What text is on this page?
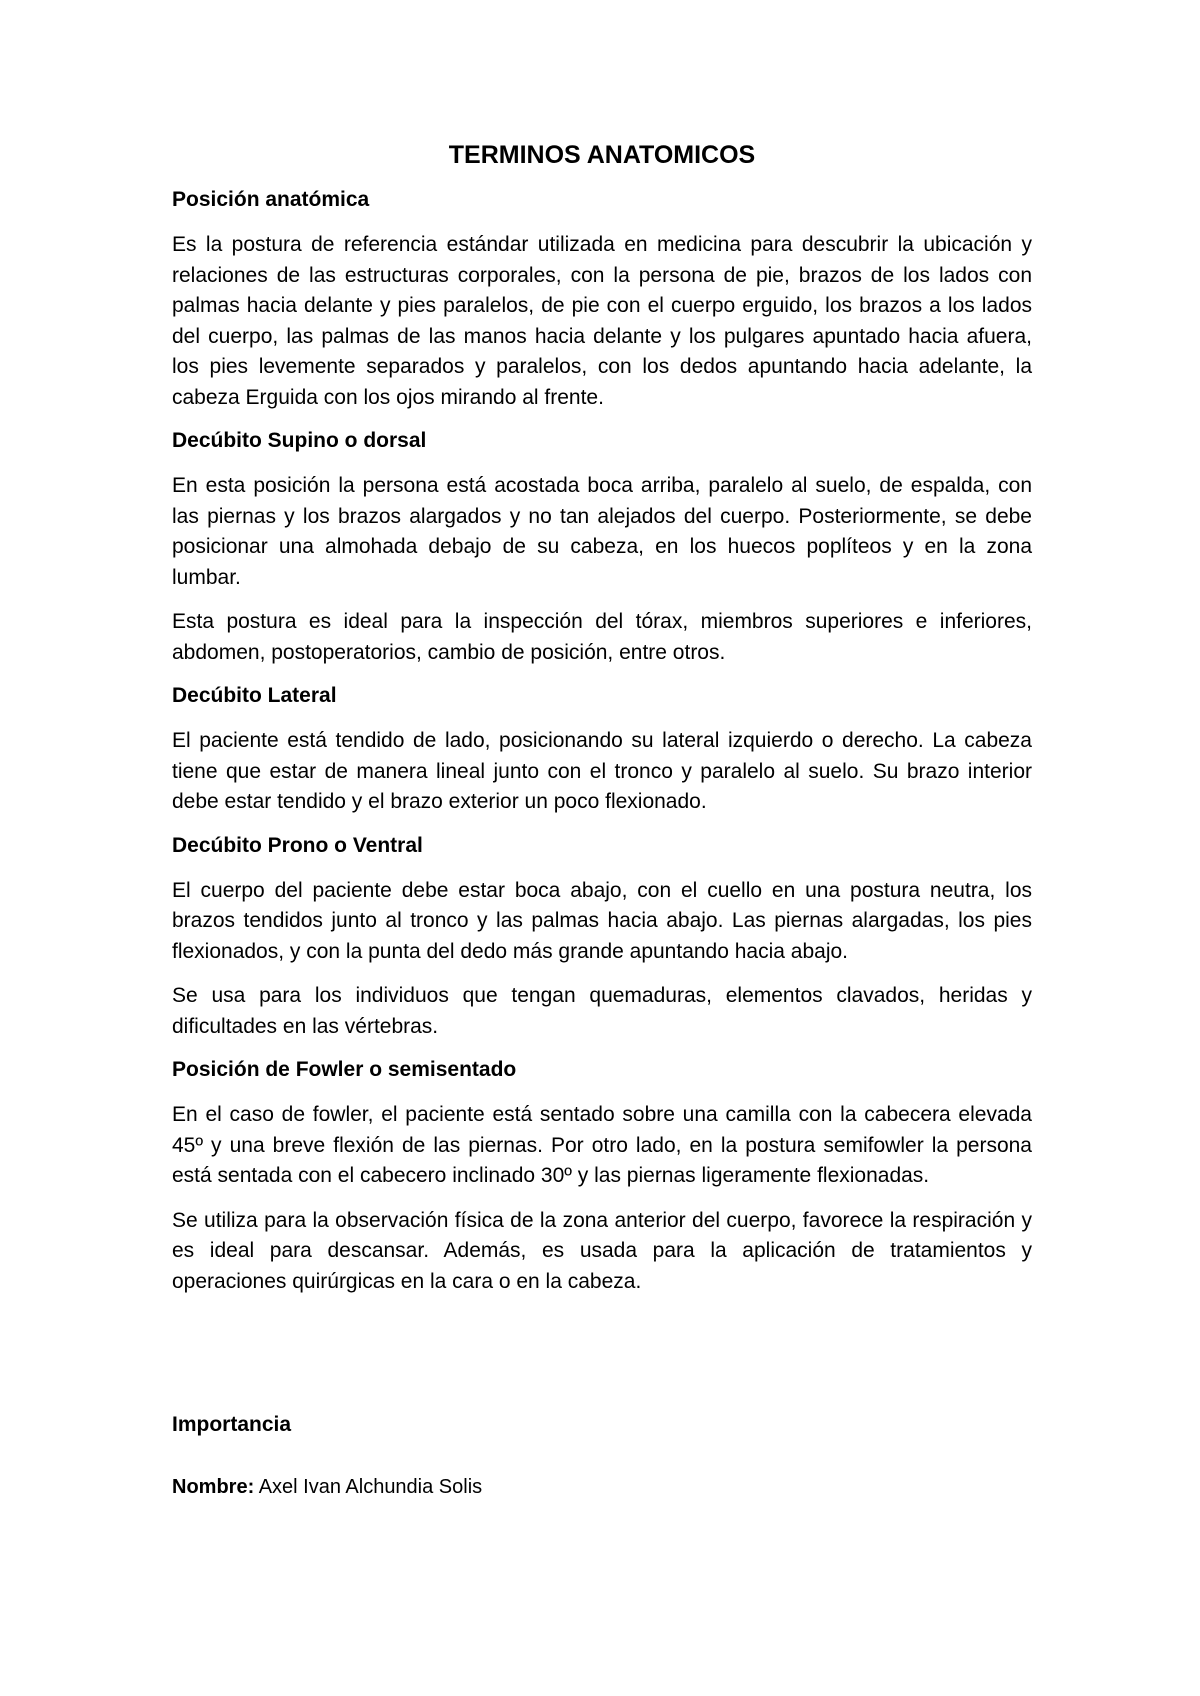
TERMINOS ANATOMICOS
Posición anatómica

Es la postura de referencia estándar utilizada en medicina para descubrir la ubicación y relaciones de las estructuras corporales, con la persona de pie, brazos de los lados con palmas hacia delante y pies paralelos, de pie con el cuerpo erguido, los brazos a los lados del cuerpo, las palmas de las manos hacia delante y los pulgares apuntado hacia afuera, los pies levemente separados y paralelos, con los dedos apuntando hacia adelante, la cabeza Erguida con los ojos mirando al frente.

Decúbito Supino o dorsal

En esta posición la persona está acostada boca arriba, paralelo al suelo, de espalda, con las piernas y los brazos alargados y no tan alejados del cuerpo. Posteriormente, se debe posicionar una almohada debajo de su cabeza, en los huecos poplíteos y en la zona lumbar.

Esta postura es ideal para la inspección del tórax, miembros superiores e inferiores, abdomen, postoperatorios, cambio de posición, entre otros.

Decúbito Lateral

El paciente está tendido de lado, posicionando su lateral izquierdo o derecho. La cabeza tiene que estar de manera lineal junto con el tronco y paralelo al suelo. Su brazo interior debe estar tendido y el brazo exterior un poco flexionado.

Decúbito Prono o Ventral

El cuerpo del paciente debe estar boca abajo, con el cuello en una postura neutra, los brazos tendidos junto al tronco y las palmas hacia abajo. Las piernas alargadas, los pies flexionados, y con la punta del dedo más grande apuntando hacia abajo.

Se usa para los individuos que tengan quemaduras, elementos clavados, heridas y dificultades en las vértebras.

Posición de Fowler o semisentado

En el caso de fowler, el paciente está sentado sobre una camilla con la cabecera elevada 45º y una breve flexión de las piernas. Por otro lado, en la postura semifowler la persona está sentada con el cabecero inclinado 30º y las piernas ligeramente flexionadas.

Se utiliza para la observación física de la zona anterior del cuerpo, favorece la respiración y es ideal para descansar. Además, es usada para la aplicación de tratamientos y operaciones quirúrgicas en la cara o en la cabeza.

Importancia
Nombre: Axel Ivan Alchundia Solis
